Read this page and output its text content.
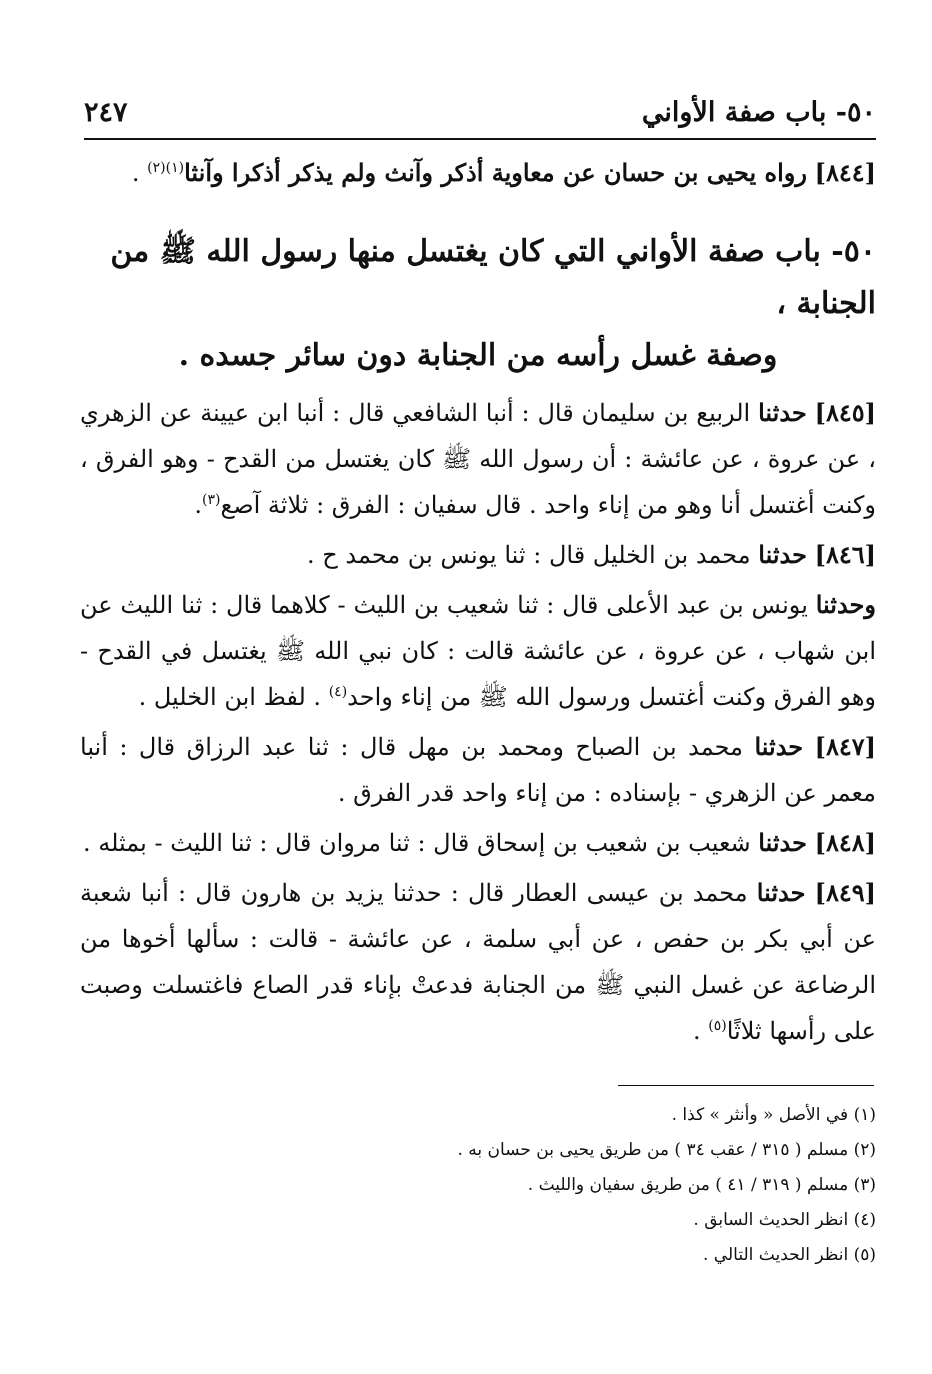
٥٠- باب صفة الأواني
٢٤٧

[٨٤٤] رواه يحيى بن حسان عن معاوية أذكر وآنث ولم يذكر أذكرا وآنثا$^{(١)(٢)}$ .

٥٠- باب صفة الأواني التي كان يغتسل منها رسول الله ﷺ من الجنابة ،
وصفة غسل رأسه من الجنابة دون سائر جسده .

[٨٤٥] حدثنا الربيع بن سليمان قال : أنبا الشافعي قال : أنبا ابن عيينة عن الزهري ، عن عروة ، عن عائشة : أن رسول الله ﷺ كان يغتسل من القدح - وهو الفرق ، وكنت أغتسل أنا وهو من إناء واحد . قال سفيان : الفرق : ثلاثة آصع$^{(٣)}$.

[٨٤٦] حدثنا محمد بن الخليل قال : ثنا يونس بن محمد ح .

وحدثنا يونس بن عبد الأعلى قال : ثنا شعيب بن الليث - كلاهما قال : ثنا الليث عن ابن شهاب ، عن عروة ، عن عائشة قالت : كان نبي الله ﷺ يغتسل في القدح - وهو الفرق وكنت أغتسل ورسول الله ﷺ من إناء واحد$^{(٤)}$ . لفظ ابن الخليل .

[٨٤٧] حدثنا محمد بن الصباح ومحمد بن مهل قال : ثنا عبد الرزاق قال : أنبا معمر عن الزهري - بإسناده : من إناء واحد قدر الفرق .

[٨٤٨] حدثنا شعيب بن شعيب بن إسحاق قال : ثنا مروان قال : ثنا الليث - بمثله .

[٨٤٩] حدثنا محمد بن عيسى العطار قال : حدثنا يزيد بن هارون قال : أنبا شعبة عن أبي بكر بن حفص ، عن أبي سلمة ، عن عائشة - قالت : سألها أخوها من الرضاعة عن غسل النبي ﷺ من الجنابة فدعتْ بإناء قدر الصاع فاغتسلت وصبت على رأسها ثلاثًا$^{(٥)}$ .

(١) في الأصل « وأنثر » كذا .

(٢) مسلم ( ٣١٥ / عقب ٣٤ ) من طريق يحيى بن حسان به .

(٣) مسلم ( ٣١٩ / ٤١ ) من طريق سفيان والليث .

(٤) انظر الحديث السابق .

(٥) انظر الحديث التالي .
